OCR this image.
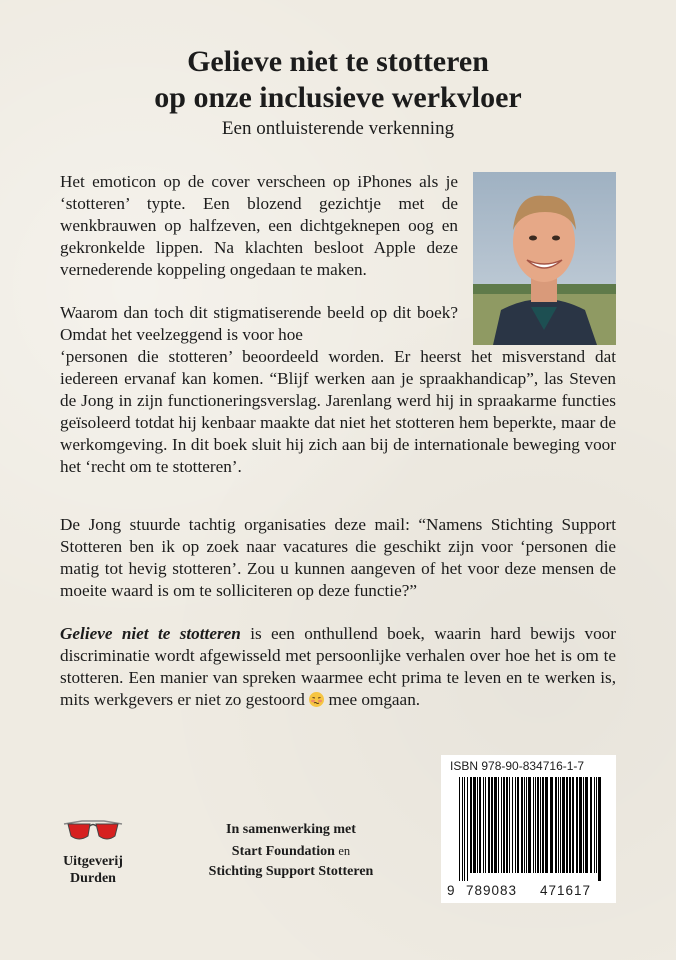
Gelieve niet te stotteren
op onze inclusieve werkvloer
Een ontluisterende verkenning

Het emoticon op de cover verscheen op iPhones als je ‘stotteren’ typte. Een blozend gezichtje met de wenkbrauwen op halfzeven, een dichtgeknepen oog en gekronkelde lippen. Na klachten besloot Apple deze vernederende koppeling ongedaan te maken.

Waarom dan toch dit stigmatiserende beeld op dit boek? Omdat het veelzeggend is voor hoe

‘personen die stotteren’ beoordeeld worden. Er heerst het misverstand dat iedereen ervanaf kan komen. “Blijf werken aan je spraakhandicap”, las Steven de Jong in zijn functioneringsverslag. Jarenlang werd hij in spraakarme functies geïsoleerd totdat hij kenbaar maakte dat niet het stotteren hem beperkte, maar de werkomgeving. In dit boek sluit hij zich aan bij de internationale beweging voor het ‘recht om te stotteren’.

De Jong stuurde tachtig organisaties deze mail: “Namens Stichting Support Stotteren ben ik op zoek naar vacatures die geschikt zijn voor ‘personen die matig tot hevig stotteren’. Zou u kunnen aangeven of het voor deze mensen de moeite waard is om te solliciteren op deze functie?”

Gelieve niet te stotteren is een onthullend boek, waarin hard bewijs voor discriminatie wordt afgewisseld met persoonlijke verhalen over hoe het is om te stotteren. Een manier van spreken waarmee echt prima te leven en te werken is, mits werkgevers er niet zo gestoord
mee omgaan.

ISBN 978-90-834716-1-7
9 789083 471617
Uitgeverij
Durden
In samenwerking met
Start Foundation en
Stichting Support Stotteren
